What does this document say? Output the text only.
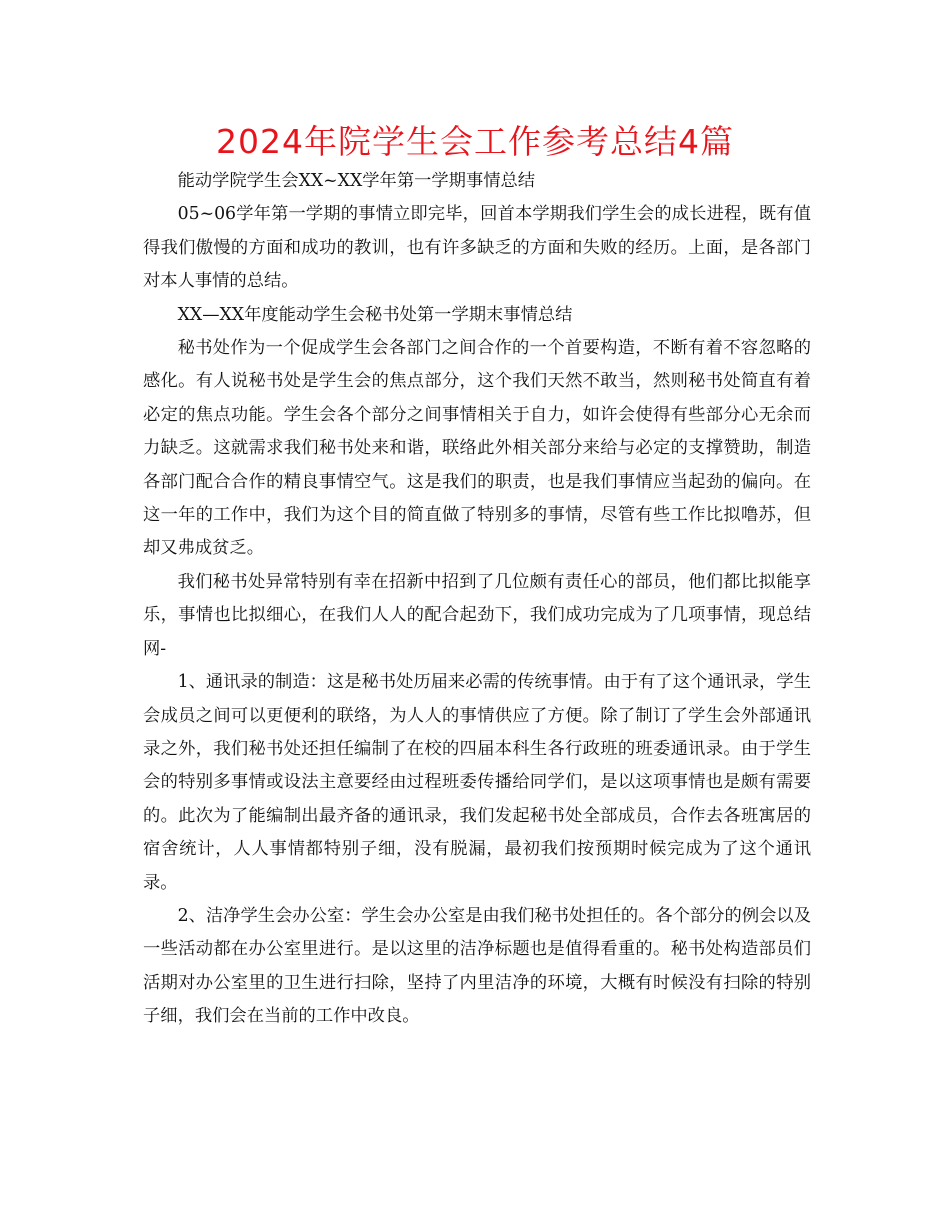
2024年院学生会工作参考总结4篇

能动学院学生会XX~XX学年第一学期事情总结

05~06学年第一学期的事情立即完毕，回首本学期我们学生会的成长进程，既有值得我们傲慢的方面和成功的教训，也有许多缺乏的方面和失败的经历。上面，是各部门对本人事情的总结。

XX—XX年度能动学生会秘书处第一学期末事情总结

秘书处作为一个促成学生会各部门之间合作的一个首要构造，不断有着不容忽略的感化。有人说秘书处是学生会的焦点部分，这个我们天然不敢当，然则秘书处简直有着必定的焦点功能。学生会各个部分之间事情相关于自力，如许会使得有些部分心无余而力缺乏。这就需求我们秘书处来和谐，联络此外相关部分来给与必定的支撑赞助，制造各部门配合合作的精良事情空气。这是我们的职责，也是我们事情应当起劲的偏向。在这一年的工作中，我们为这个目的简直做了特别多的事情，尽管有些工作比拟噜苏，但却又弗成贫乏。

我们秘书处异常特别有幸在招新中招到了几位颇有责任心的部员，他们都比拟能享乐，事情也比拟细心，在我们人人的配合起劲下，我们成功完成为了几项事情，现总结网-

1、通讯录的制造：这是秘书处历届来必需的传统事情。由于有了这个通讯录，学生会成员之间可以更便利的联络，为人人的事情供应了方便。除了制订了学生会外部通讯录之外，我们秘书处还担任编制了在校的四届本科生各行政班的班委通讯录。由于学生会的特别多事情或设法主意要经由过程班委传播给同学们，是以这项事情也是颇有需要的。此次为了能编制出最齐备的通讯录，我们发起秘书处全部成员，合作去各班寓居的宿舍统计，人人事情都特别子细，没有脱漏，最初我们按预期时候完成为了这个通讯录。

2、洁净学生会办公室：学生会办公室是由我们秘书处担任的。各个部分的例会以及一些活动都在办公室里进行。是以这里的洁净标题也是值得看重的。秘书处构造部员们活期对办公室里的卫生进行扫除，坚持了内里洁净的环境，大概有时候没有扫除的特别子细，我们会在当前的工作中改良。
